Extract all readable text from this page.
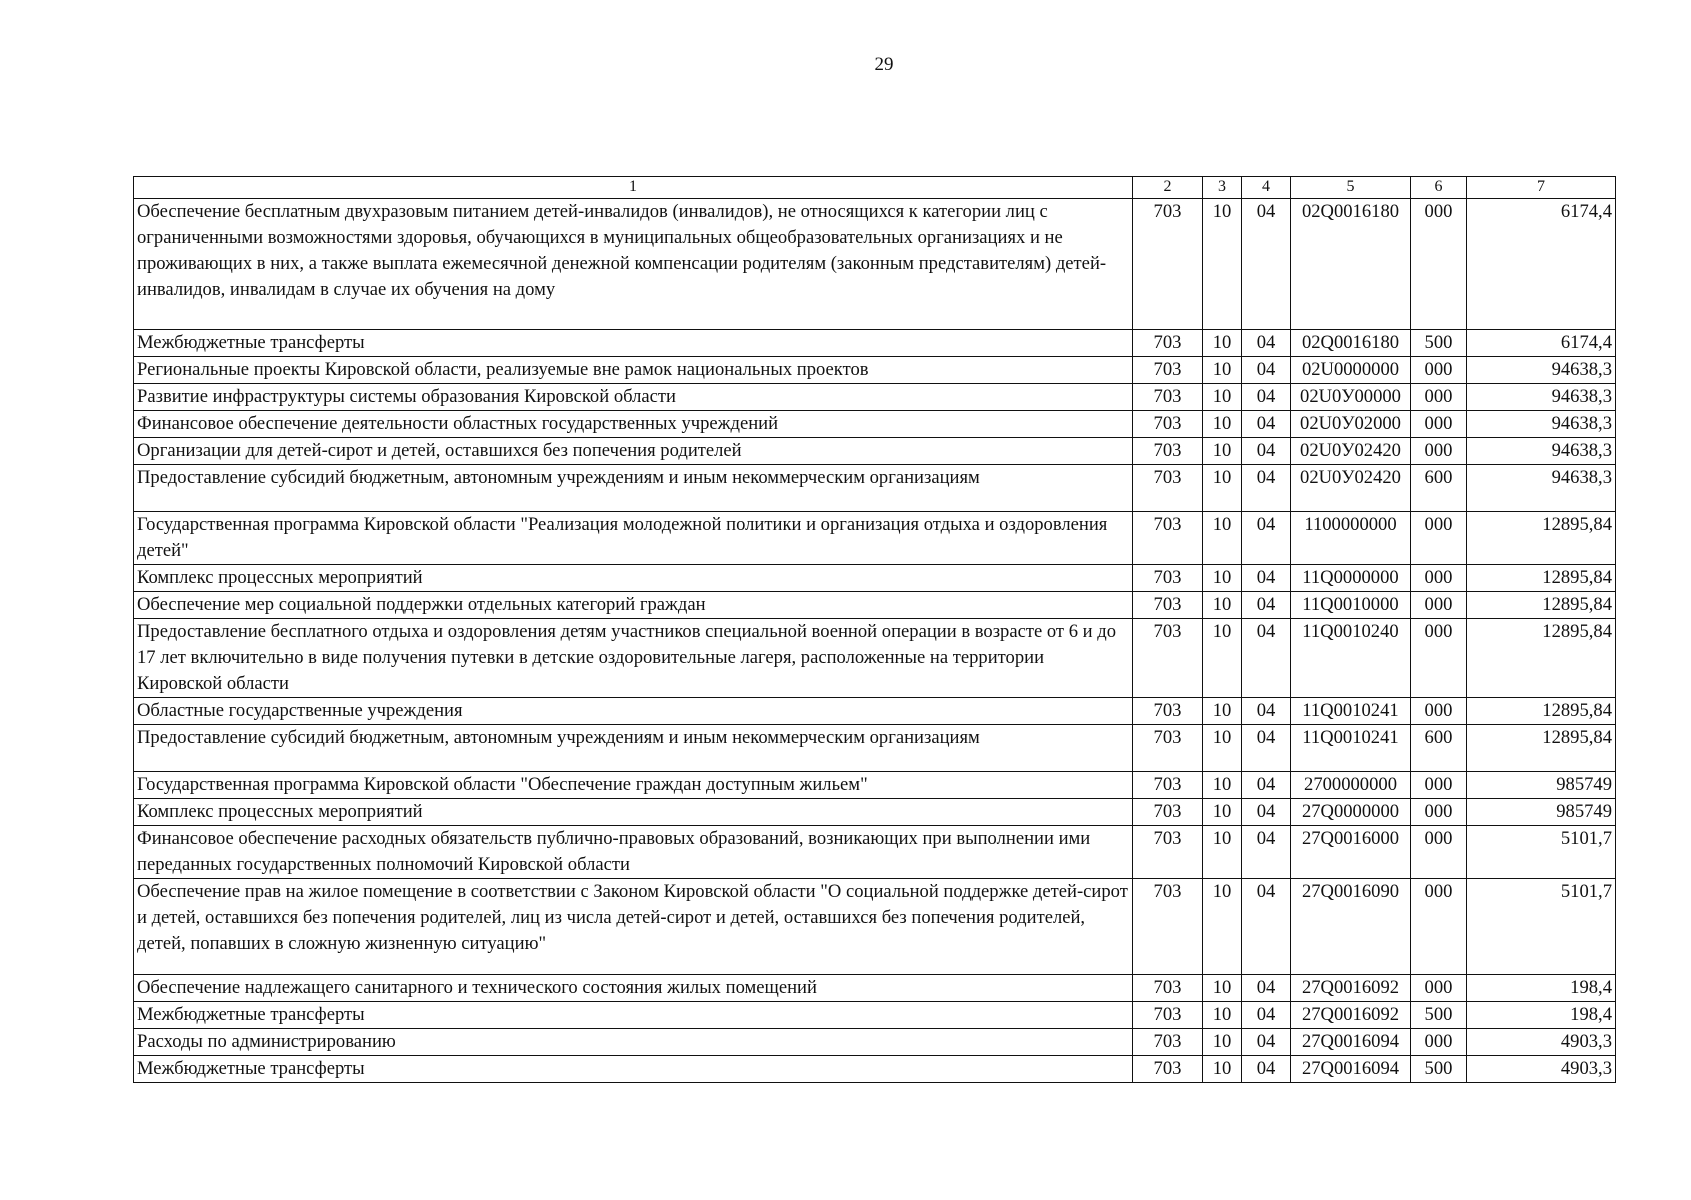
29
1	2	3	4	5	6	7
Обеспечение бесплатным двухразовым питанием детей-инвалидов (инвалидов), не относящихся к категории лиц с ограниченными возможностями здоровья, обучающихся в муниципальных общеобразовательных организациях и не проживающих в них, а также выплата ежемесячной денежной компенсации родителям (законным представителям) детей-инвалидов, инвалидам в случае их обучения на дому	703	10	04	02Q0016180	000	6174,4
Межбюджетные трансферты	703	10	04	02Q0016180	500	6174,4
Региональные проекты Кировской области, реализуемые вне рамок национальных проектов	703	10	04	02U0000000	000	94638,3
Развитие инфраструктуры системы образования Кировской области	703	10	04	02U0У00000	000	94638,3
Финансовое обеспечение деятельности областных государственных учреждений	703	10	04	02U0У02000	000	94638,3
Организации для детей-сирот и детей, оставшихся без попечения родителей	703	10	04	02U0У02420	000	94638,3
Предоставление субсидий бюджетным, автономным учреждениям и иным некоммерческим организациям	703	10	04	02U0У02420	600	94638,3
Государственная программа Кировской области "Реализация молодежной политики и организация отдыха и оздоровления детей"	703	10	04	1100000000	000	12895,84
Комплекс процессных мероприятий	703	10	04	11Q0000000	000	12895,84
Обеспечение мер социальной поддержки отдельных категорий граждан	703	10	04	11Q0010000	000	12895,84
Предоставление бесплатного отдыха и оздоровления детям участников специальной военной операции в возрасте от 6 и до 17 лет включительно в виде получения путевки в детские оздоровительные лагеря, расположенные на территории Кировской области	703	10	04	11Q0010240	000	12895,84
Областные государственные учреждения	703	10	04	11Q0010241	000	12895,84
Предоставление субсидий бюджетным, автономным учреждениям и иным некоммерческим организациям	703	10	04	11Q0010241	600	12895,84
Государственная программа Кировской области "Обеспечение граждан доступным жильем"	703	10	04	2700000000	000	985749
Комплекс процессных мероприятий	703	10	04	27Q0000000	000	985749
Финансовое обеспечение расходных обязательств публично-правовых образований, возникающих при выполнении ими переданных государственных полномочий Кировской области	703	10	04	27Q0016000	000	5101,7
Обеспечение прав на жилое помещение в соответствии с Законом Кировской области "О социальной поддержке детей-сирот и детей, оставшихся без попечения родителей, лиц из числа детей-сирот и детей, оставшихся без попечения родителей, детей, попавших в сложную жизненную ситуацию"	703	10	04	27Q0016090	000	5101,7
Обеспечение надлежащего санитарного и технического состояния жилых помещений	703	10	04	27Q0016092	000	198,4
Межбюджетные трансферты	703	10	04	27Q0016092	500	198,4
Расходы по администрированию	703	10	04	27Q0016094	000	4903,3
Межбюджетные трансферты	703	10	04	27Q0016094	500	4903,3
